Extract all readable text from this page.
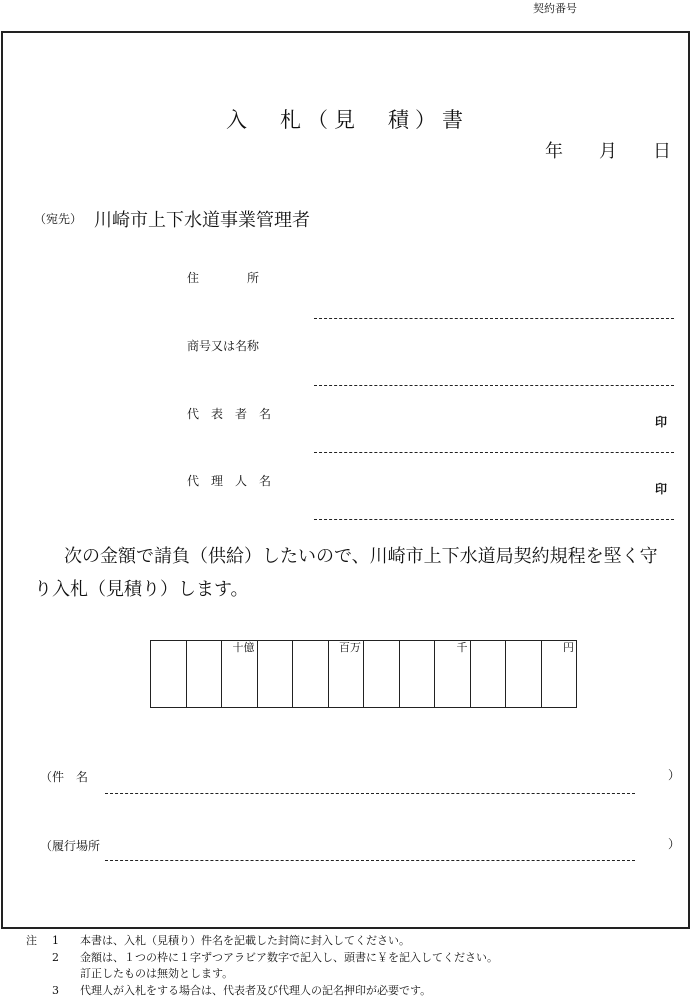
契約番号
入　札（見　積）書
年　　月　　日
（宛先） 川崎市上下水道事業管理者
住　　　　所
商号又は名称
代　表　者　名
印
代　理　人　名
印
次の金額で請負（供給）したいので、川崎市上下水道局契約規程を堅く守り入札（見積り）します。
		十億			百万			千			円
（件　名	）
（履行場所	）
注	1	本書は、入札（見積り）件名を記載した封筒に封入してください。
2	金額は、１つの枠に１字ずつアラビア数字で記入し、頭書に￥を記入してください。
訂正したものは無効とします。
3	代理人が入札をする場合は、代表者及び代理人の記名押印が必要です。
